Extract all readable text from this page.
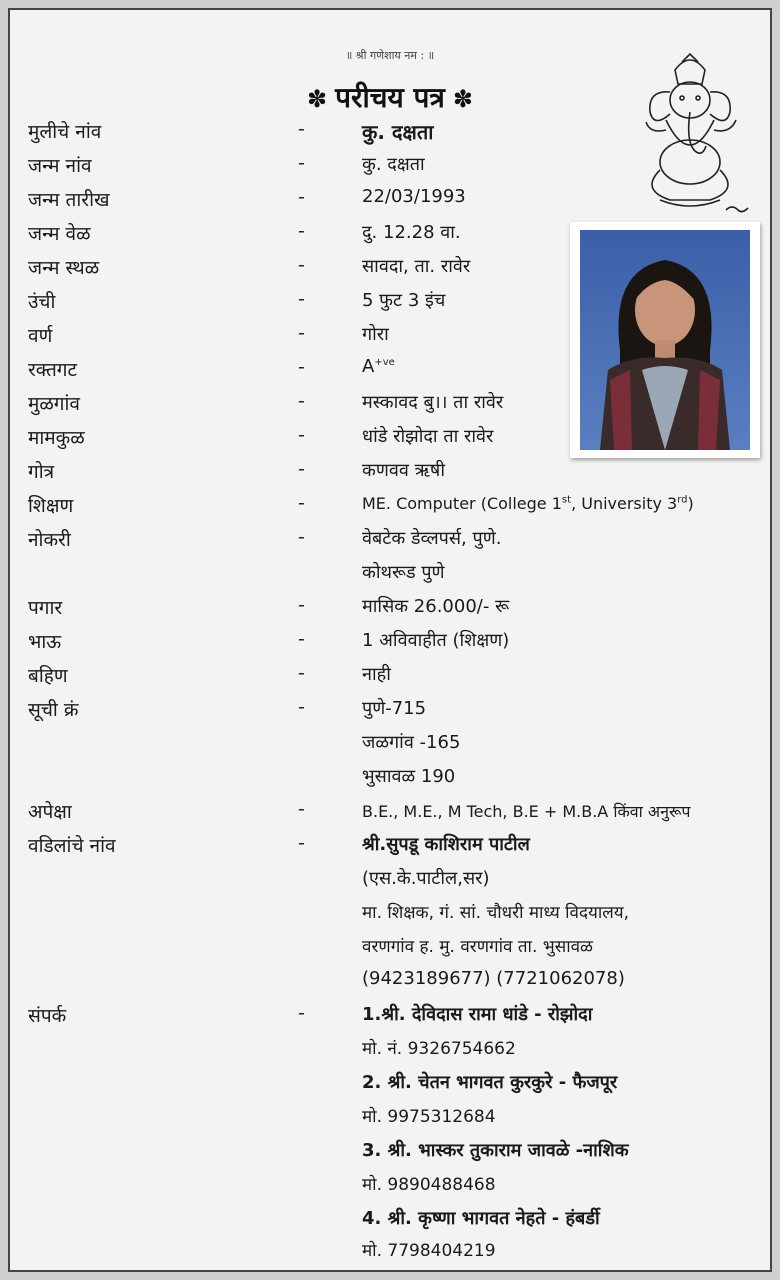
॥ श्री गणेशाय नम : ॥
✽ परीचय पत्र ✽
मुलीचे नांव	-	कु. दक्षता
जन्म नांव	-	कु. दक्षता
जन्म तारीख	-	22/03/1993
जन्म वेळ	-	दु. 12.28 वा.
जन्म स्थळ	-	सावदा, ता. रावेर
उंची	-	5 फुट 3 इंच
वर्ण	-	गोरा
रक्तगट	-	$A^{+ve}$
मुळगांव	-	मस्कावद बु।। ता रावेर
मामकुळ	-	धांडे रोझोदा ता रावेर
गोत्र	-	कणवव ऋषी
शिक्षण	-	ME. Computer (College 1st, University 3rd)
नोकरी	-	वेबटेक डेव्लपर्स, पुणे.
कोथरूड पुणे
पगार	-	मासिक 26.000/- रू
भाऊ	-	1 अविवाहीत (शिक्षण)
बहिण	-	नाही
सूची क्रं	-	पुणे-715
जळगांव -165
भुसावळ 190
अपेक्षा	-	B.E., M.E., M Tech, B.E + M.B.A किंवा अनुरूप
वडिलांचे नांव	-	श्री.सुपडू काशिराम पाटील
(एस.के.पाटील,सर)
मा. शिक्षक, गं. सां. चौधरी माध्य विदयालय,
वरणगांव ह. मु. वरणगांव ता. भुसावळ
(9423189677) (7721062078)
संपर्क	-	1.श्री. देविदास रामा धांडे - रोझोदा
मो. नं. 9326754662
2. श्री. चेतन भागवत कुरकुरे - फैजपूर
मो. 9975312684
3. श्री. भास्कर तुकाराम जावळे -नाशिक
मो. 9890488468
4. श्री. कृष्णा भागवत नेहते - हंबर्डी
मो. 7798404219
